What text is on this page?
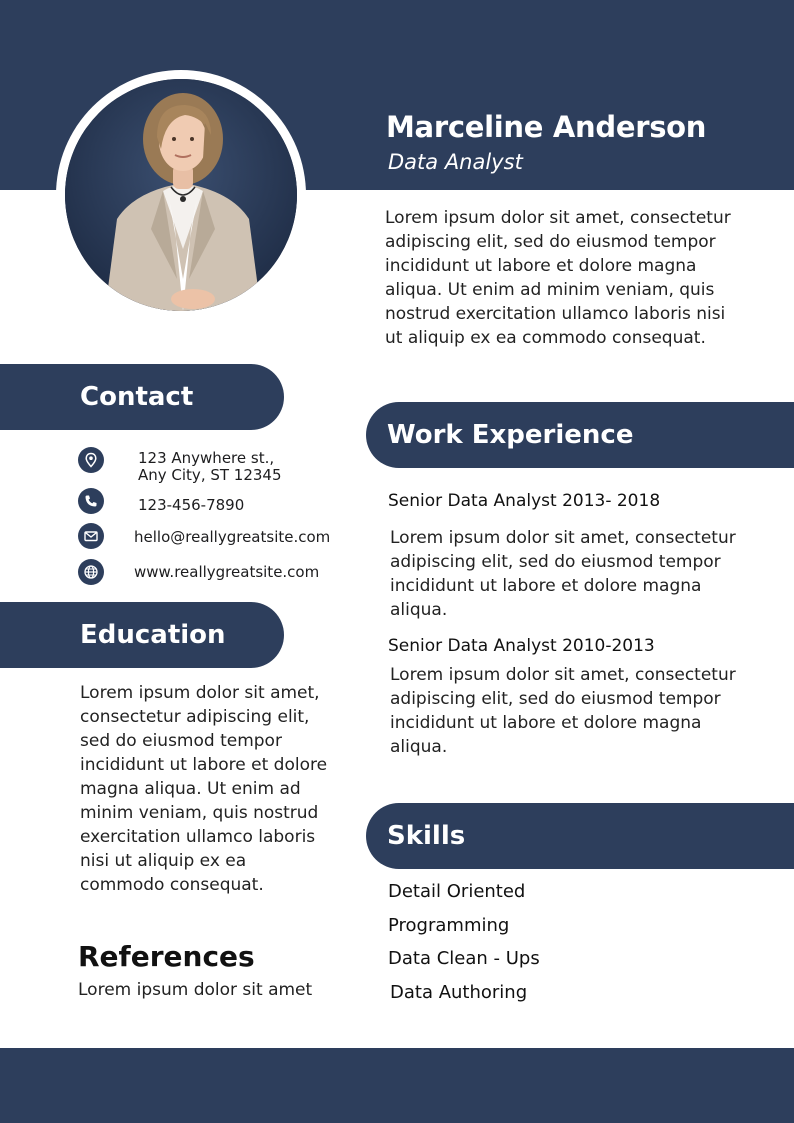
Marceline Anderson
Data Analyst
Lorem ipsum dolor sit amet, consectetur adipiscing elit, sed do eiusmod tempor incididunt ut labore et dolore magna aliqua. Ut enim ad minim veniam, quis nostrud exercitation ullamco laboris nisi ut aliquip ex ea commodo consequat.
Contact
123 Anywhere st.,
Any City, ST 12345
123-456-7890
hello@reallygreatsite.com
www.reallygreatsite.com
Education
Lorem ipsum dolor sit amet, consectetur adipiscing elit, sed do eiusmod tempor incididunt ut labore et dolore magna aliqua. Ut enim ad minim veniam, quis nostrud exercitation ullamco laboris nisi ut aliquip ex ea commodo consequat.
References
Lorem ipsum dolor sit amet
Work Experience
Senior Data Analyst 2013- 2018
Lorem ipsum dolor sit amet, consectetur adipiscing elit, sed do eiusmod tempor incididunt ut labore et dolore magna aliqua.
Senior Data Analyst 2010-2013
Lorem ipsum dolor sit amet, consectetur adipiscing elit, sed do eiusmod tempor incididunt ut labore et dolore magna aliqua.
Skills
Detail Oriented
Programming
Data Clean - Ups
Data Authoring
